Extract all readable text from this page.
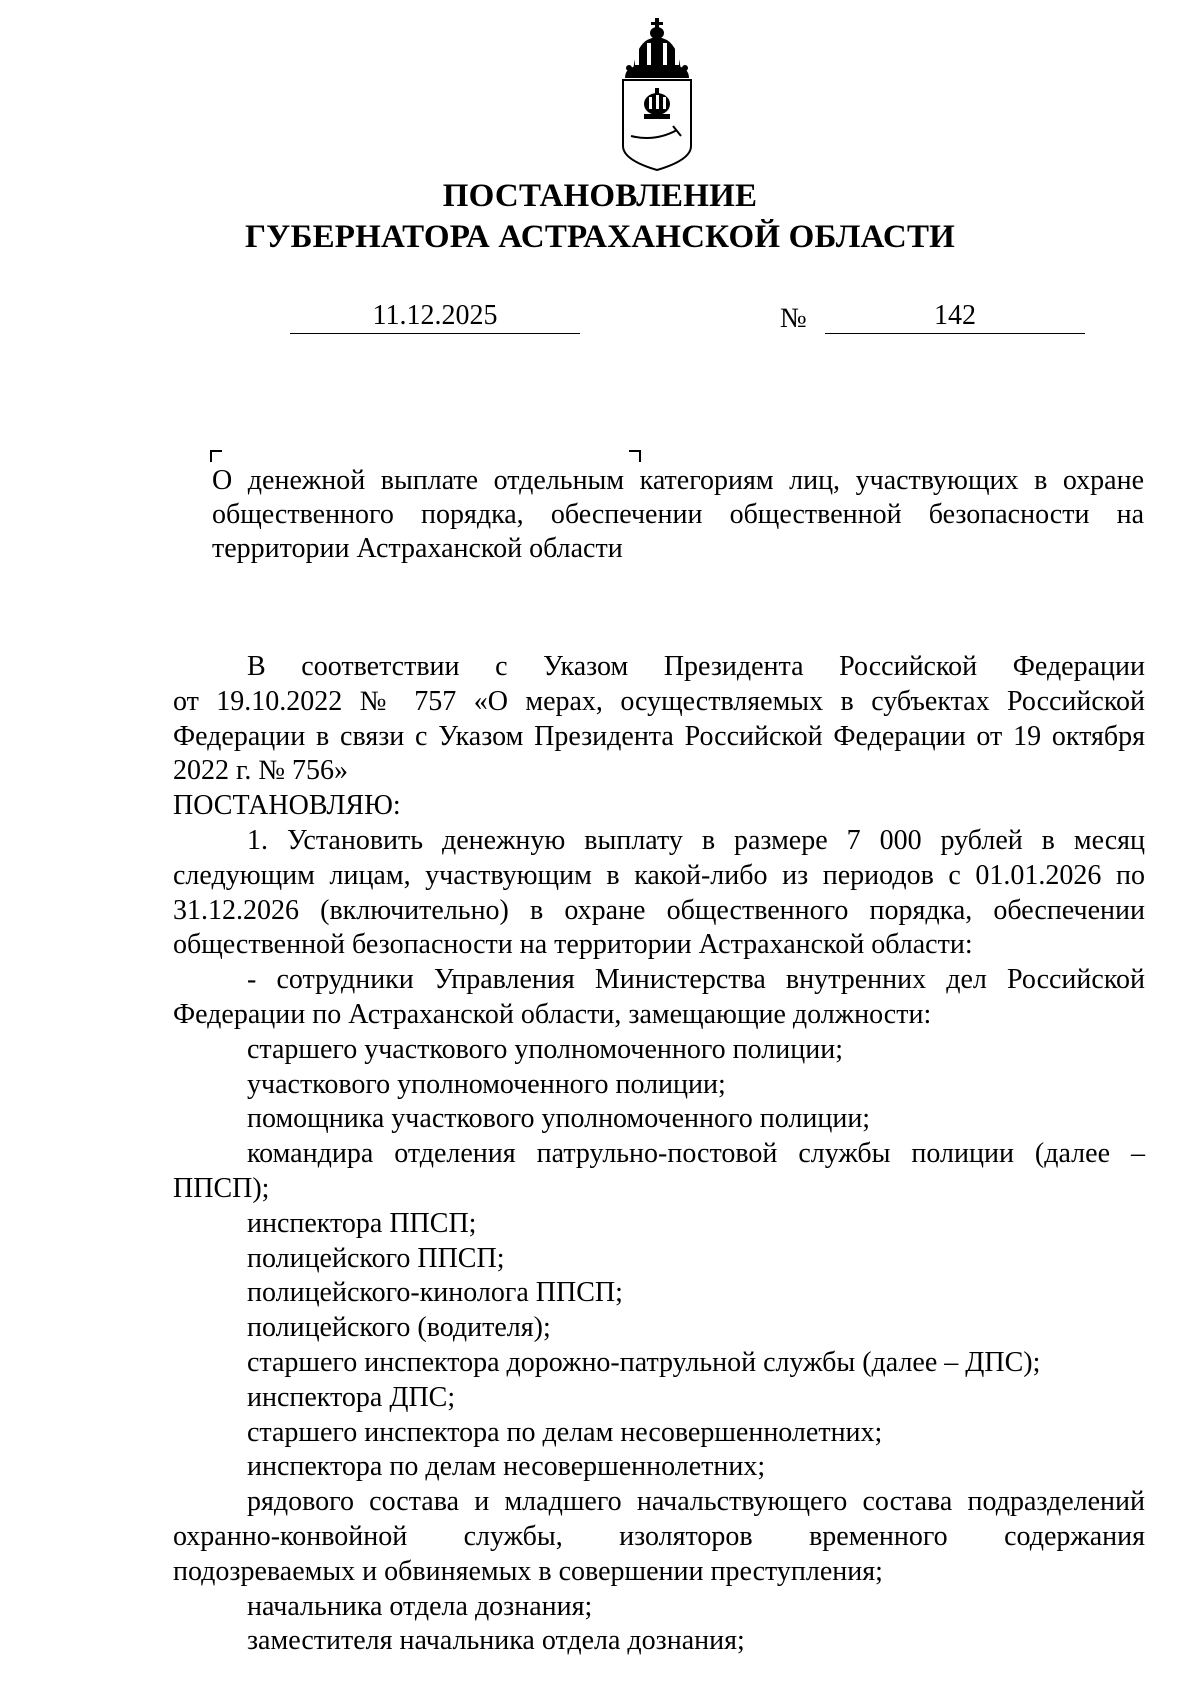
ПОСТАНОВЛЕНИЕ
ГУБЕРНАТОРА АСТРАХАНСКОЙ ОБЛАСТИ
11.12.2025	№	142
О денежной выплате отдельным категориям лиц, участвующих в охране
общественного порядка, обеспечении общественной безопасности на
территории Астраханской области
В соответствии с Указом Президента Российской Федерации
от 19.10.2022 № 757 «О мерах, осуществляемых в субъектах Российской
Федерации в связи с Указом Президента Российской Федерации от 19 октября
2022 г. № 756»
ПОСТАНОВЛЯЮ:
1. Установить денежную выплату в размере 7 000 рублей в месяц
следующим лицам, участвующим в какой-либо из периодов с 01.01.2026 по
31.12.2026 (включительно) в охране общественного порядка, обеспечении
общественной безопасности на территории Астраханской области:
- сотрудники Управления Министерства внутренних дел Российской
Федерации по Астраханской области, замещающие должности:
старшего участкового уполномоченного полиции;
участкового уполномоченного полиции;
помощника участкового уполномоченного полиции;
командира отделения патрульно-постовой службы полиции (далее –
ППСП);
инспектора ППСП;
полицейского ППСП;
полицейского-кинолога ППСП;
полицейского (водителя);
старшего инспектора дорожно-патрульной службы (далее – ДПС);
инспектора ДПС;
старшего инспектора по делам несовершеннолетних;
инспектора по делам несовершеннолетних;
рядового состава и младшего начальствующего состава подразделений
охранно-конвойной службы, изоляторов временного содержания
подозреваемых и обвиняемых в совершении преступления;
начальника отдела дознания;
заместителя начальника отдела дознания;
